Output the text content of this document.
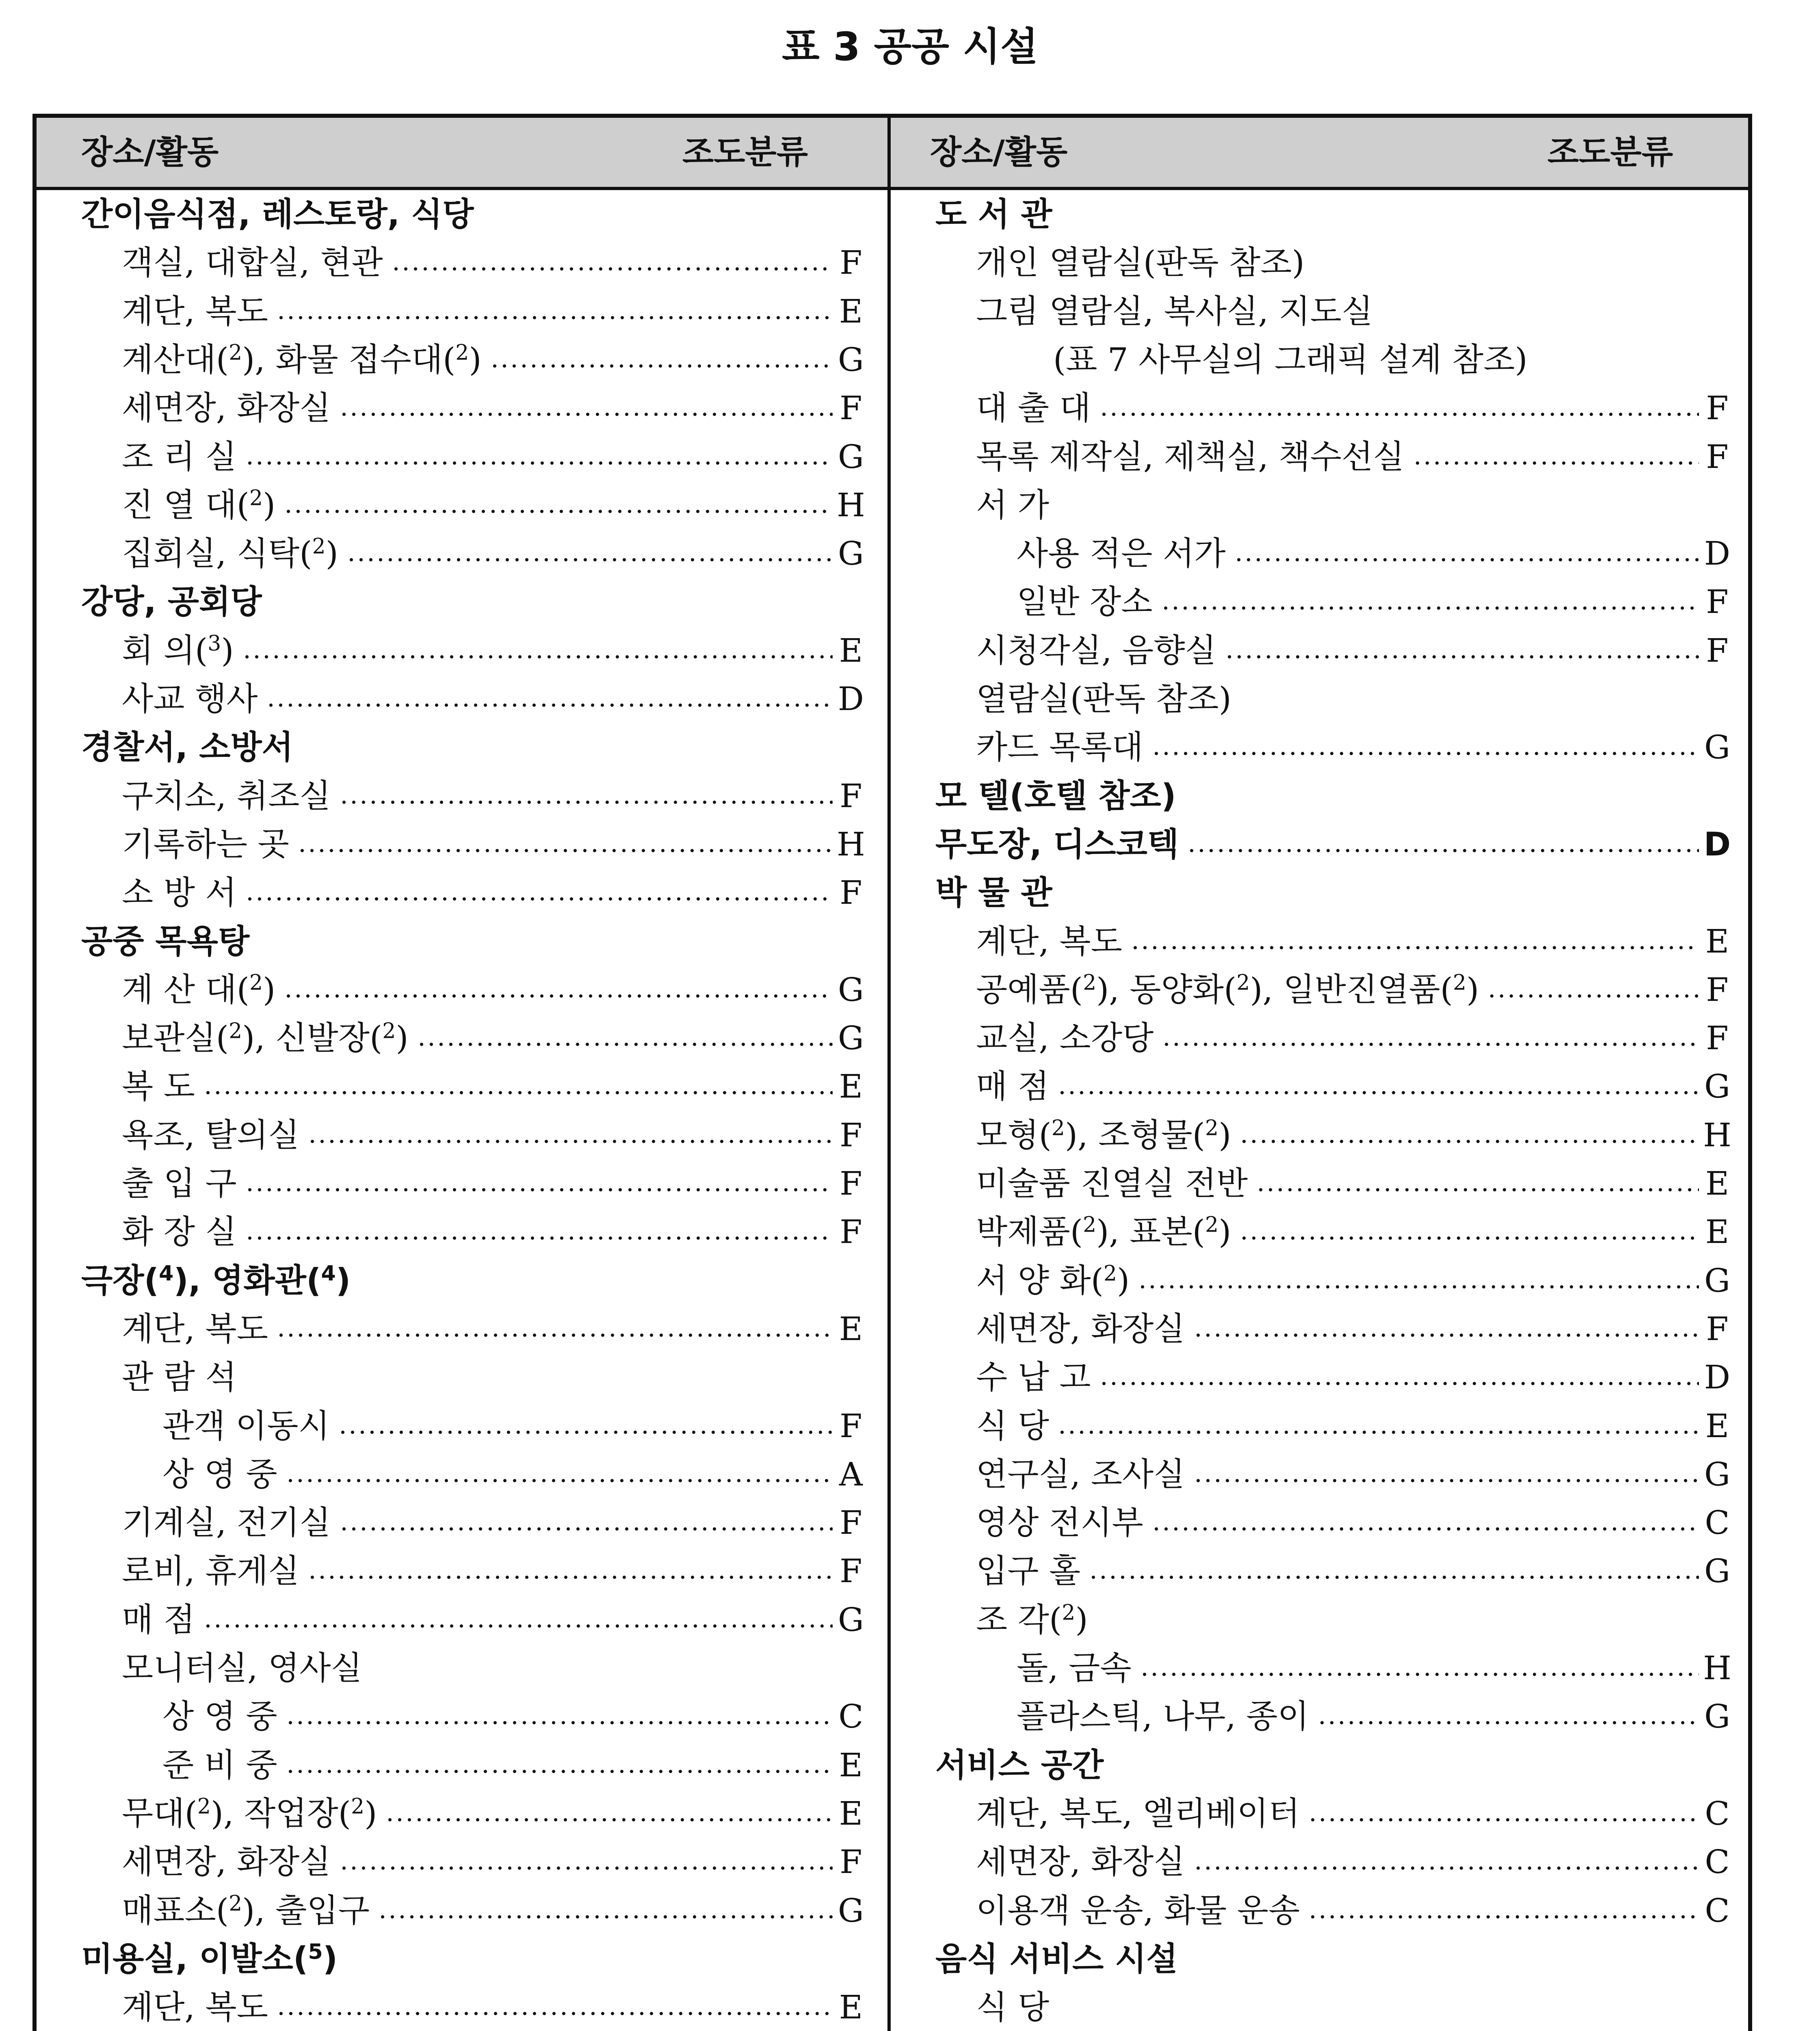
표 3 공공 시설
장소/활동	조도분류	장소/활동	조도분류
간이음식점, 레스토랑, 식당
객실, 대합실, 현관	F
계단, 복도	E
계산대($^2$), 화물 접수대($^2$)	G
세면장, 화장실	F
조 리 실	G
진 열 대($^2$)	H
집회실, 식탁($^2$)	G
강당, 공회당
회 의($^3$)	E
사교 행사	D
경찰서, 소방서
구치소, 취조실	F
기록하는 곳	H
소 방 서	F
공중 목욕탕
계 산 대($^2$)	G
보관실($^2$), 신발장($^2$)	G
복 도	E
욕조, 탈의실	F
출 입 구	F
화 장 실	F
극장($^4$), 영화관($^4$)
계단, 복도	E
관 람 석
관객 이동시	F
상 영 중	A
기계실, 전기실	F
로비, 휴게실	F
매 점	G
모니터실, 영사실
상 영 중	C
준 비 중	E
무대($^2$), 작업장($^2$)	E
세면장, 화장실	F
매표소($^2$), 출입구	G
미용실, 이발소($^5$)
계단, 복도	E
도 서 관
개인 열람실(판독 참조)
그림 열람실, 복사실, 지도실
(표 7 사무실의 그래픽 설계 참조)
대 출 대	F
목록 제작실, 제책실, 책수선실	F
서 가
사용 적은 서가	D
일반 장소	F
시청각실, 음향실	F
열람실(판독 참조)
카드 목록대	G
모 텔(호텔 참조)
무도장, 디스코텍	D
박 물 관
계단, 복도	E
공예품($^2$), 동양화($^2$), 일반진열품($^2$)	F
교실, 소강당	F
매 점	G
모형($^2$), 조형물($^2$)	H
미술품 진열실 전반	E
박제품($^2$), 표본($^2$)	E
서 양 화($^2$)	G
세면장, 화장실	F
수 납 고	D
식 당	E
연구실, 조사실	G
영상 전시부	C
입구 홀	G
조 각($^2$)
돌, 금속	H
플라스틱, 나무, 종이	G
서비스 공간
계단, 복도, 엘리베이터	C
세면장, 화장실	C
이용객 운송, 화물 운송	C
음식 서비스 시설
식 당
